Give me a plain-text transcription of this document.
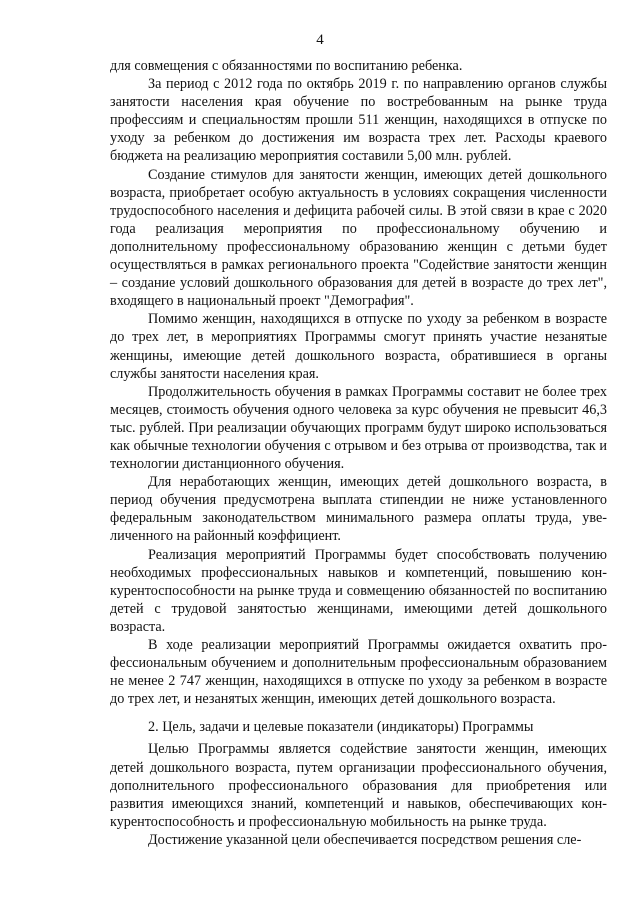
4

для совмещения с обязанностями по воспитанию ребенка.

За период с 2012 года по октябрь 2019 г. по направлению органов службы занятости населения края обучение по востребованным на рынке труда профессиям и специальностям прошли 511 женщин, находящихся в отпуске по уходу за ребенком до достижения им возраста трех лет. Расходы краевого бюджета на реализацию мероприятия составили 5,00 млн. рублей.

Создание стимулов для занятости женщин, имеющих детей дошкольного возраста, приобретает особую актуальность в условиях сокращения численности трудоспособного населения и дефицита рабочей силы. В этой связи в крае с 2020 года реализация мероприятия по профессиональному обучению и дополнительному профессиональному образованию женщин с детьми будет осуществляться в рамках регионального проекта "Содействие занятости женщин – создание условий дошкольного образования для детей в возрасте до трех лет", входящего в национальный проект "Демография".

Помимо женщин, находящихся в отпуске по уходу за ребенком в возрасте до трех лет, в мероприятиях Программы смогут принять участие незанятые женщины, имеющие детей дошкольного возраста, обратившиеся в органы службы занятости населения края.

Продолжительность обучения в рамках Программы составит не более трех месяцев, стоимость обучения одного человека за курс обучения не превысит 46,3 тыс. рублей. При реализации обучающих программ будут широко использоваться как обычные технологии обучения с отрывом и без отрыва от производства, так и технологии дистанционного обучения.

Для неработающих женщин, имеющих детей дошкольного возраста, в период обучения предусмотрена выплата стипендии не ниже установленного федеральным законодательством минимального размера оплаты труда, увеличенного на районный коэффициент.

Реализация мероприятий Программы будет способствовать получению необходимых профессиональных навыков и компетенций, повышению конкурентоспособности на рынке труда и совмещению обязанностей по воспитанию детей с трудовой занятостью женщинами, имеющими детей дошкольного возраста.

В ходе реализации мероприятий Программы ожидается охватить профессиональным обучением и дополнительным профессиональным образованием не менее 2 747 женщин, находящихся в отпуске по уходу за ребенком в возрасте до трех лет, и незанятых женщин, имеющих детей дошкольного возраста.

2. Цель, задачи и целевые показатели (индикаторы) Программы

Целью Программы является содействие занятости женщин, имеющих детей дошкольного возраста, путем организации профессионального обучения, дополнительного профессионального образования для приобретения или развития имеющихся знаний, компетенций и навыков, обеспечивающих конкурентоспособность и профессиональную мобильность на рынке труда.

Достижение указанной цели обеспечивается посредством решения сле-
